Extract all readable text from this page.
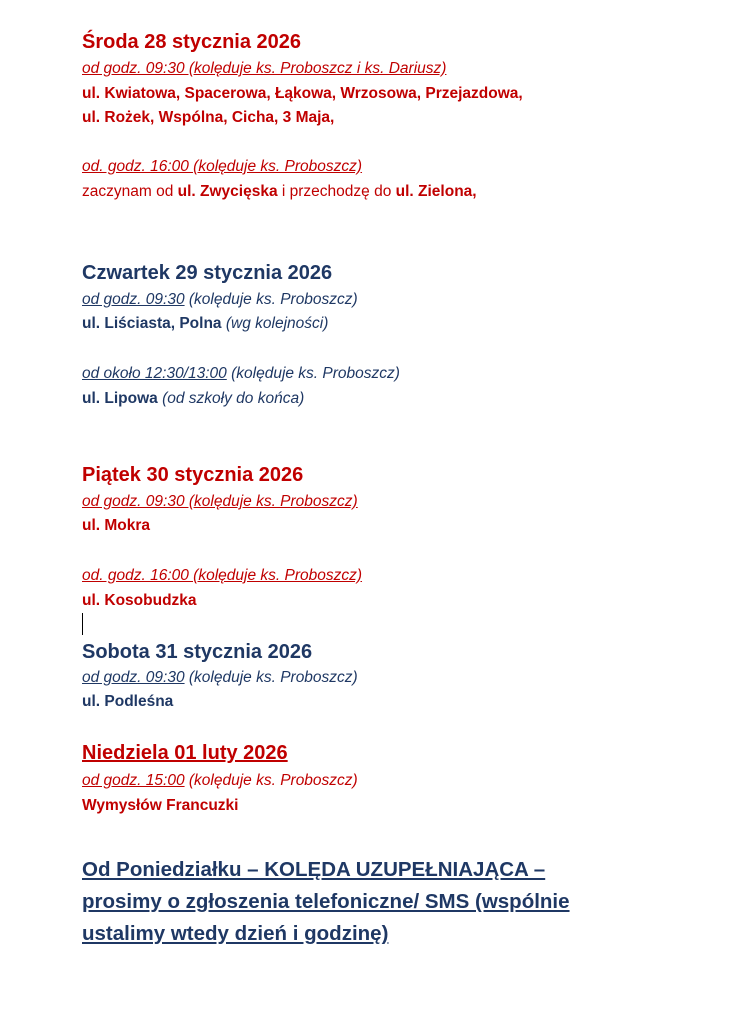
Środa 28 stycznia 2026
od godz. 09:30 (kolęduje ks. Proboszcz i ks. Dariusz)
ul. Kwiatowa, Spacerowa, Łąkowa, Wrzosowa, Przejazdowa,
ul. Rożek, Wspólna, Cicha, 3 Maja,
od. godz. 16:00 (kolęduje ks. Proboszcz)
zaczynam od ul. Zwycięska i przechodzę do ul. Zielona,
Czwartek 29 stycznia 2026
od godz. 09:30 (kolęduje ks. Proboszcz)
ul. Liściasta, Polna (wg kolejności)
od około 12:30/13:00 (kolęduje ks. Proboszcz)
ul. Lipowa (od szkoły do końca)
Piątek 30 stycznia 2026
od godz. 09:30 (kolęduje ks. Proboszcz)
ul. Mokra
od. godz. 16:00 (kolęduje ks. Proboszcz)
ul. Kosobudzka
Sobota 31 stycznia 2026
od godz. 09:30 (kolęduje ks. Proboszcz)
ul. Podleśna
Niedziela 01 luty 2026
od godz. 15:00 (kolęduje ks. Proboszcz)
Wymysłów Francuzki
Od Poniedziałku – KOLĘDA UZUPEŁNIAJĄCA –
prosimy o zgłoszenia telefoniczne/ SMS (wspólnie
ustalimy wtedy dzień i godzinę)
